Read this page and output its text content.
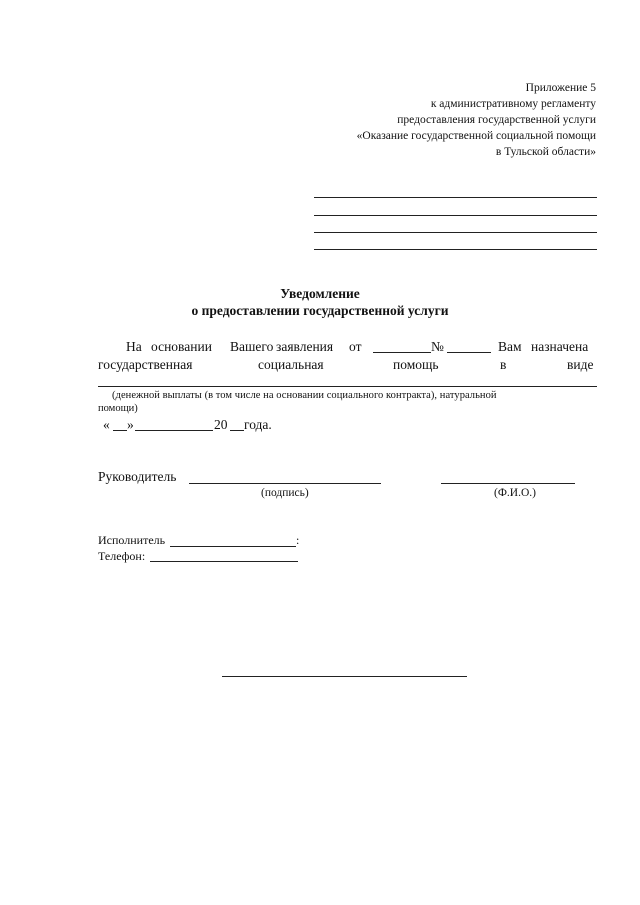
Приложение 5
к административному регламенту
предоставления государственной услуги
«Оказание государственной социальной помощи
в Тульской области»
Уведомление
о предоставлении государственной услуги
На основании Вашего заявления от	№	Вам назначена
государственная	социальная	помощь	в	виде
(денежной выплаты (в том числе на основании социального контракта), натуральной
помощи)
« »	20 года.
Руководитель
(подпись)	(Ф.И.О.)
Исполнитель	:
Телефон:
